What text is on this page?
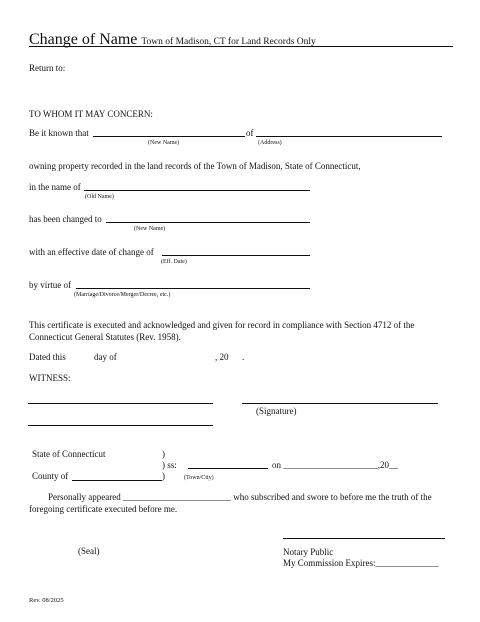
Change of Name Town of Madison, CT for Land Records Only
Return to:
TO WHOM IT MAY CONCERN:
Be it known that	of
(New Name)	(Address)
owning property recorded in the land records of the Town of Madison, State of Connecticut,
in the name of
(Old Name)
has been changed to
(New Name)
with an effective date of change of
(Eff. Date)
by virtue of
(Marriage/Divorce/Merger/Decree, etc.)
This certificate is executed and acknowledged and given for record in compliance with Section 4712 of the
Connecticut General Statutes (Rev. 1958).
Dated this	day of	, 20 .
WITNESS:
(Signature)
State of Connecticut	)
) ss:	on _____________________,20__
County of	)	(Town/City)
Personally appeared ________________________ who subscribed and swore to before me the truth of the
foregoing certificate executed before me.
(Seal)	Notary Public
My Commission Expires:______________
Rev. 08/2025
